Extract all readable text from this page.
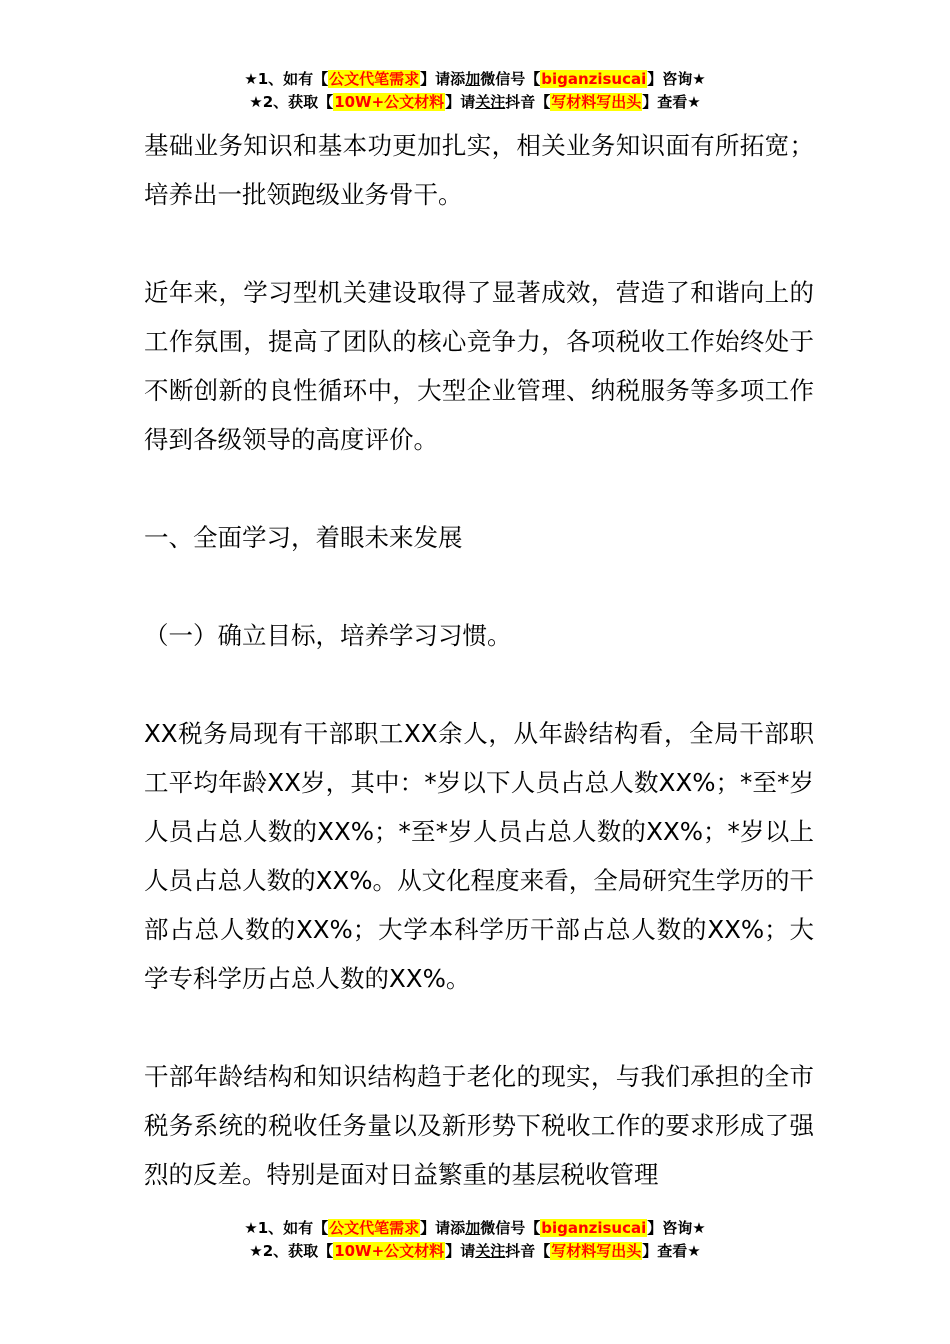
★1、如有【公文代笔需求】请添加微信号【biganzisucai】咨询★
★2、获取【10W+公文材料】请关注抖音【写材料写出头】查看★

基础业务知识和基本功更加扎实，相关业务知识面有所拓宽；培养出一批领跑级业务骨干。

近年来，学习型机关建设取得了显著成效，营造了和谐向上的工作氛围，提高了团队的核心竞争力，各项税收工作始终处于不断创新的良性循环中，大型企业管理、纳税服务等多项工作得到各级领导的高度评价。

一、全面学习，着眼未来发展

（一）确立目标，培养学习习惯。

XX税务局现有干部职工XX余人，从年龄结构看，全局干部职工平均年龄XX岁，其中：*岁以下人员占总人数XX%；*至*岁人员占总人数的XX%；*至*岁人员占总人数的XX%；*岁以上人员占总人数的XX%。从文化程度来看，全局研究生学历的干部占总人数的XX%；大学本科学历干部占总人数的XX%；大学专科学历占总人数的XX%。

干部年龄结构和知识结构趋于老化的现实，与我们承担的全市税务系统的税收任务量以及新形势下税收工作的要求形成了强烈的反差。特别是面对日益繁重的基层税收管理

★1、如有【公文代笔需求】请添加微信号【biganzisucai】咨询★
★2、获取【10W+公文材料】请关注抖音【写材料写出头】查看★
